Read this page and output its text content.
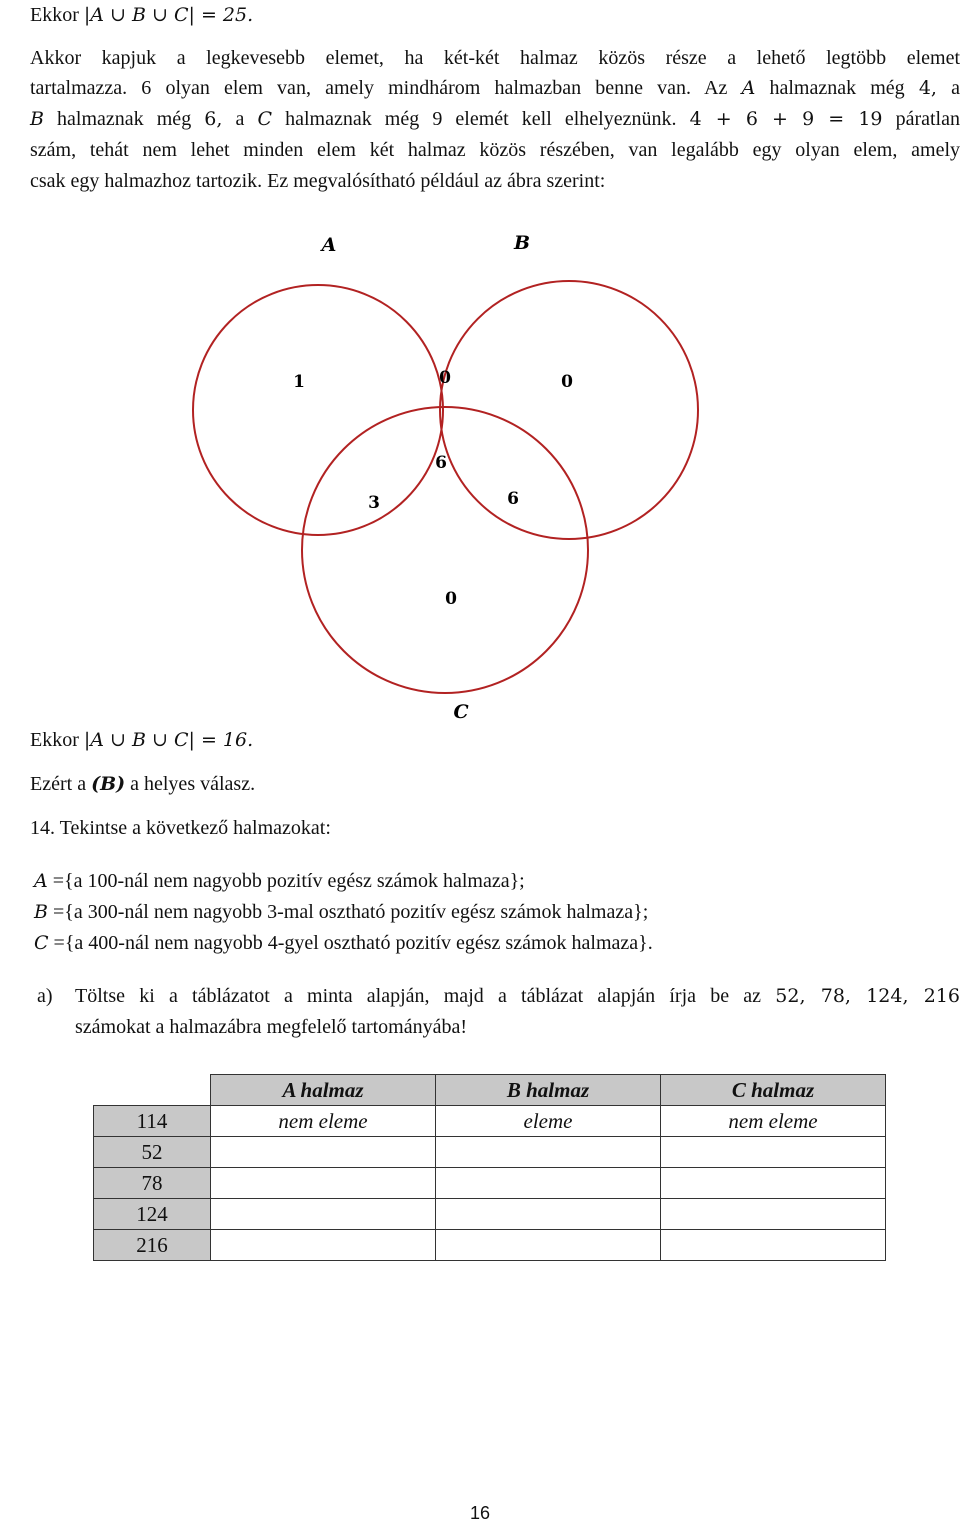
Ekkor |A ∪ B ∪ C| = 25.
Akkor kapjuk a legkevesebb elemet, ha két-két halmaz közös része a lehető legtöbb elemet
tartalmazza. 6 olyan elem van, amely mindhárom halmazban benne van. Az A halmaznak még 4, a
B halmaznak még 6, a C halmaznak még 9 elemét kell elhelyeznünk. 4 + 6 + 9 = 19 páratlan
szám, tehát nem lehet minden elem két halmaz közös részében, van legalább egy olyan elem, amely
csak egy halmazhoz tartozik. Ez megvalósítható például az ábra szerint:
A	B
C
1	0	0
6
3	6
0
Ekkor |A ∪ B ∪ C| = 16.
Ezért a (B) a helyes válasz.
14. Tekintse a következő halmazokat:
A ={a 100-nál nem nagyobb pozitív egész számok halmaza};
B ={a 300-nál nem nagyobb 3-mal osztható pozitív egész számok halmaza};
C ={a 400-nál nem nagyobb 4-gyel osztható pozitív egész számok halmaza}.
a) Töltse ki a táblázatot a minta alapján, majd a táblázat alapján írja be az 52, 78, 124, 216
számokat a halmazábra megfelelő tartományába!
	A halmaz	B halmaz	C halmaz
114	nem eleme	eleme	nem eleme
52			
78			
124			
216			
16
